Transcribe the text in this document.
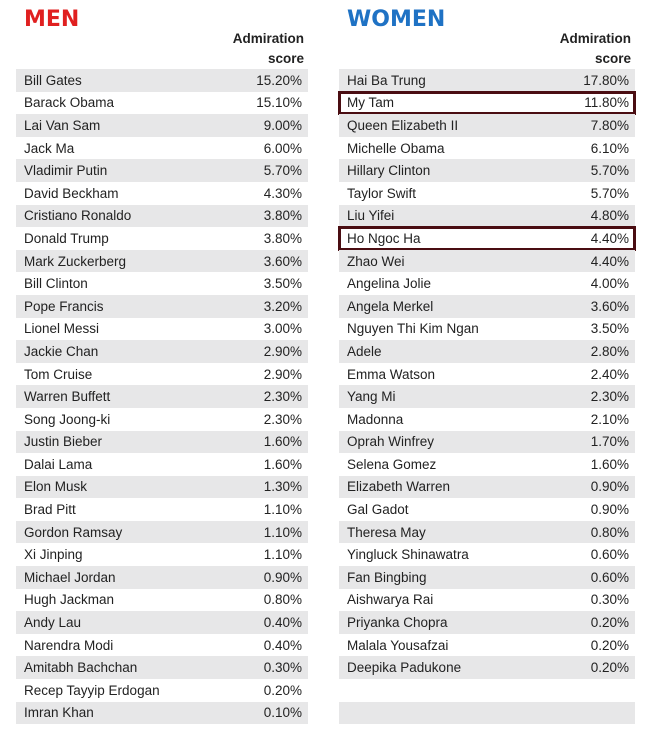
MEN
Admiration
score
Bill Gates	15.20%
Barack Obama	15.10%
Lai Van Sam	9.00%
Jack Ma	6.00%
Vladimir Putin	5.70%
David Beckham	4.30%
Cristiano Ronaldo	3.80%
Donald Trump	3.80%
Mark Zuckerberg	3.60%
Bill Clinton	3.50%
Pope Francis	3.20%
Lionel Messi	3.00%
Jackie Chan	2.90%
Tom Cruise	2.90%
Warren Buffett	2.30%
Song Joong-ki	2.30%
Justin Bieber	1.60%
Dalai Lama	1.60%
Elon Musk	1.30%
Brad Pitt	1.10%
Gordon Ramsay	1.10%
Xi Jinping	1.10%
Michael Jordan	0.90%
Hugh Jackman	0.80%
Andy Lau	0.40%
Narendra Modi	0.40%
Amitabh Bachchan	0.30%
Recep Tayyip Erdogan	0.20%
Imran Khan	0.10%
WOMEN
Admiration
score
Hai Ba Trung	17.80%
My Tam	11.80%
Queen Elizabeth II	7.80%
Michelle Obama	6.10%
Hillary Clinton	5.70%
Taylor Swift	5.70%
Liu Yifei	4.80%
Ho Ngoc Ha	4.40%
Zhao Wei	4.40%
Angelina Jolie	4.00%
Angela Merkel	3.60%
Nguyen Thi Kim Ngan	3.50%
Adele	2.80%
Emma Watson	2.40%
Yang Mi	2.30%
Madonna	2.10%
Oprah Winfrey	1.70%
Selena Gomez	1.60%
Elizabeth Warren	0.90%
Gal Gadot	0.90%
Theresa May	0.80%
Yingluck Shinawatra	0.60%
Fan Bingbing	0.60%
Aishwarya Rai	0.30%
Priyanka Chopra	0.20%
Malala Yousafzai	0.20%
Deepika Padukone	0.20%
